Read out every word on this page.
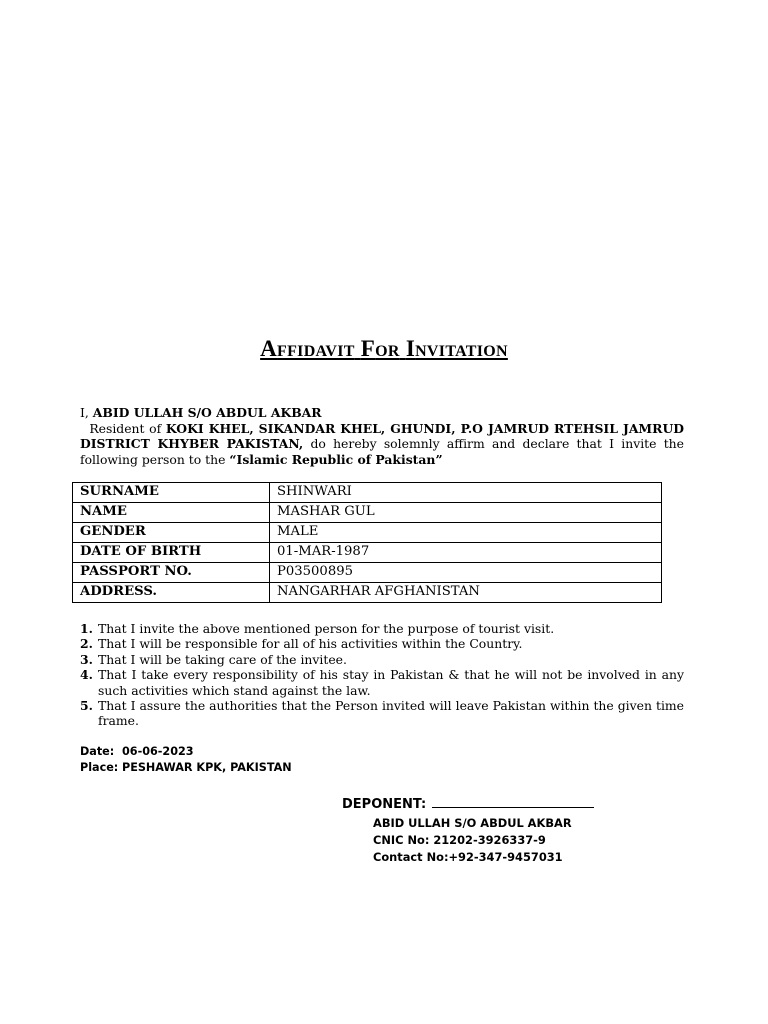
Affidavit For Invitation

I, ABID ULLAH S/O ABDUL AKBAR

Resident of KOKI KHEL, SIKANDAR KHEL, GHUNDI, P.O JAMRUD RTEHSIL JAMRUD DISTRICT KHYBER PAKISTAN, do hereby solemnly affirm and declare that I invite the following person to the “Islamic Republic of Pakistan”

SURNAME	SHINWARI
NAME	MASHAR GUL
GENDER	MALE
DATE OF BIRTH	01-MAR-1987
PASSPORT NO.	P03500895
ADDRESS.	NANGARHAR AFGHANISTAN
1. That I invite the above mentioned person for the purpose of tourist visit.
2. That I will be responsible for all of his activities within the Country.
3. That I will be taking care of the invitee.
4. That I take every responsibility of his stay in Pakistan & that he will not be involved in any such activities which stand against the law.
5. That I assure the authorities that the Person invited will leave Pakistan within the given time frame.
Date: 06-06-2023
Place: PESHAWAR KPK, PAKISTAN
DEPONENT:
ABID ULLAH S/O ABDUL AKBAR
CNIC No: 21202-3926337-9
Contact No:+92-347-9457031
